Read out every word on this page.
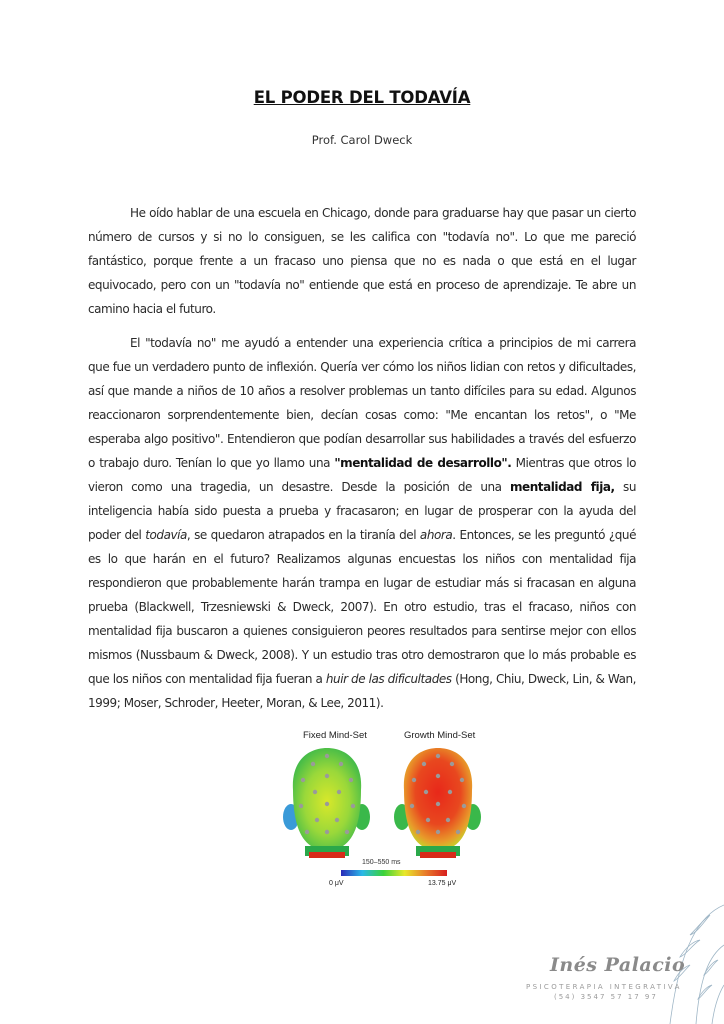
EL PODER DEL TODAVÍA
Prof. Carol Dweck

He oído hablar de una escuela en Chicago, donde para graduarse hay que pasar un cierto número de cursos y si no lo consiguen, se les califica con "todavía no". Lo que me pareció fantástico, porque frente a un fracaso uno piensa que no es nada o que está en el lugar equivocado, pero con un "todavía no" entiende que está en proceso de aprendizaje. Te abre un camino hacia el futuro.

El "todavía no" me ayudó a entender una experiencia crítica a principios de mi carrera que fue un verdadero punto de inflexión. Quería ver cómo los niños lidian con retos y dificultades, así que mande a niños de 10 años a resolver problemas un tanto difíciles para su edad. Algunos reaccionaron sorprendentemente bien, decían cosas como: "Me encantan los retos", o "Me esperaba algo positivo". Entendieron que podían desarrollar sus habilidades a través del esfuerzo o trabajo duro. Tenían lo que yo llamo una "mentalidad de desarrollo". Mientras que otros lo vieron como una tragedia, un desastre. Desde la posición de una mentalidad fija, su inteligencia había sido puesta a prueba y fracasaron; en lugar de prosperar con la ayuda del poder del todavía, se quedaron atrapados en la tiranía del ahora. Entonces, se les preguntó ¿qué es lo que harán en el futuro? Realizamos algunas encuestas los niños con mentalidad fija respondieron que probablemente harán trampa en lugar de estudiar más si fracasan en alguna prueba (Blackwell, Trzesniewski & Dweck, 2007). En otro estudio, tras el fracaso, niños con mentalidad fija buscaron a quienes consiguieron peores resultados para sentirse mejor con ellos mismos (Nussbaum & Dweck, 2008). Y un estudio tras otro demostraron que lo más probable es que los niños con mentalidad fija fueran a huir de las dificultades (Hong, Chiu, Dweck, Lin, & Wan, 1999; Moser, Schroder, Heeter, Moran, & Lee, 2011).

Fixed Mind-Set	Growth Mind-Set
150–550 ms
0 μV	13.75 μV
Inés Palacio
PSICOTERAPIA INTEGRATIVA
(54) 3547 57 17 97
